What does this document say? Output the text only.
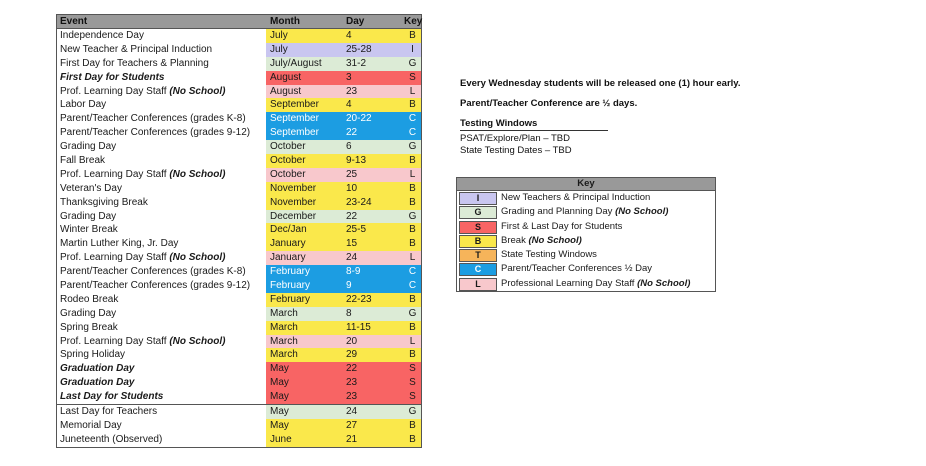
Event	Month	Day	Key
Independence Day	July	4	B
New Teacher & Principal Induction	July	25-28	I
First Day for Teachers & Planning	July/August	31-2	G
First Day for Students	August	3	S
Prof. Learning Day Staff (No School)	August	23	L
Labor Day	September	4	B
Parent/Teacher Conferences (grades K-8)	September	20-22	C
Parent/Teacher Conferences (grades 9-12)	September	22	C
Grading Day	October	6	G
Fall Break	October	9-13	B
Prof. Learning Day Staff (No School)	October	25	L
Veteran's Day	November	10	B
Thanksgiving Break	November	23-24	B
Grading Day	December	22	G
Winter Break	Dec/Jan	25-5	B
Martin Luther King, Jr. Day	January	15	B
Prof. Learning Day Staff (No School)	January	24	L
Parent/Teacher Conferences (grades K-8)	February	8-9	C
Parent/Teacher Conferences (grades 9-12)	February	9	C
Rodeo Break	February	22-23	B
Grading Day	March	8	G
Spring Break	March	11-15	B
Prof. Learning Day Staff (No School)	March	20	L
Spring Holiday	March	29	B
Graduation Day	May	22	S
Graduation Day	May	23	S
Last Day for Students	May	23	S
Last Day for Teachers	May	24	G
Memorial Day	May	27	B
Juneteenth (Observed)	June	21	B
Every Wednesday students will be released one (1) hour early.
Parent/Teacher Conference are ½ days.
Testing Windows
PSAT/Explore/Plan – TBD
State Testing Dates – TBD
Key
I	New Teachers & Principal Induction
G	Grading and Planning Day (No School)
S	First & Last Day for Students
B	Break (No School)
T	State Testing Windows
C	Parent/Teacher Conferences ½ Day
L	Professional Learning Day Staff (No School)
